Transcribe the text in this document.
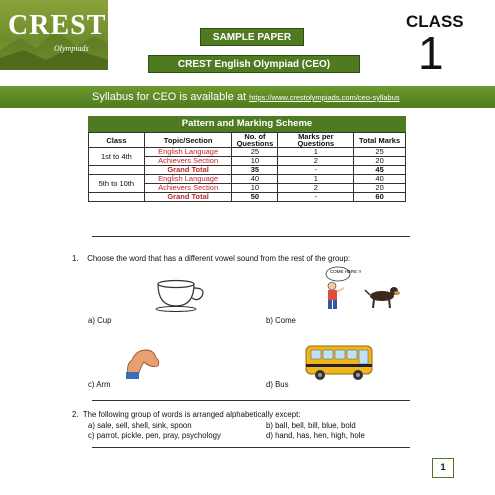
CREST
Olympiads
SAMPLE PAPER
CREST English Olympiad (CEO)
CLASS
1
Syllabus for CEO is available at https://www.crestolympiads.com/ceo-syllabus
Pattern and Marking Scheme
Class	Topic/Section	No. of Questions	Marks per Questions	Total Marks
1st to 4th	English Language	25	1	25
	Achievers Section	10	2	20
	Grand Total	35	-	45
5th to 10th	English Language	40	1	40
	Achievers Section	10	2	20
	Grand Total	50	-	60
1. Choose the word that has a different vowel sound from the rest of the group:
COME HERE !!
a) Cup	b) Come
c) Arm	d) Bus
2. The following group of words is arranged alphabetically except:
a) sale, sell, shell, sink, spoon	b) ball, bell, bill, blue, bold
c) parrot, pickle, pen, pray, psychology	d) hand, has, hen, high, hole
1
